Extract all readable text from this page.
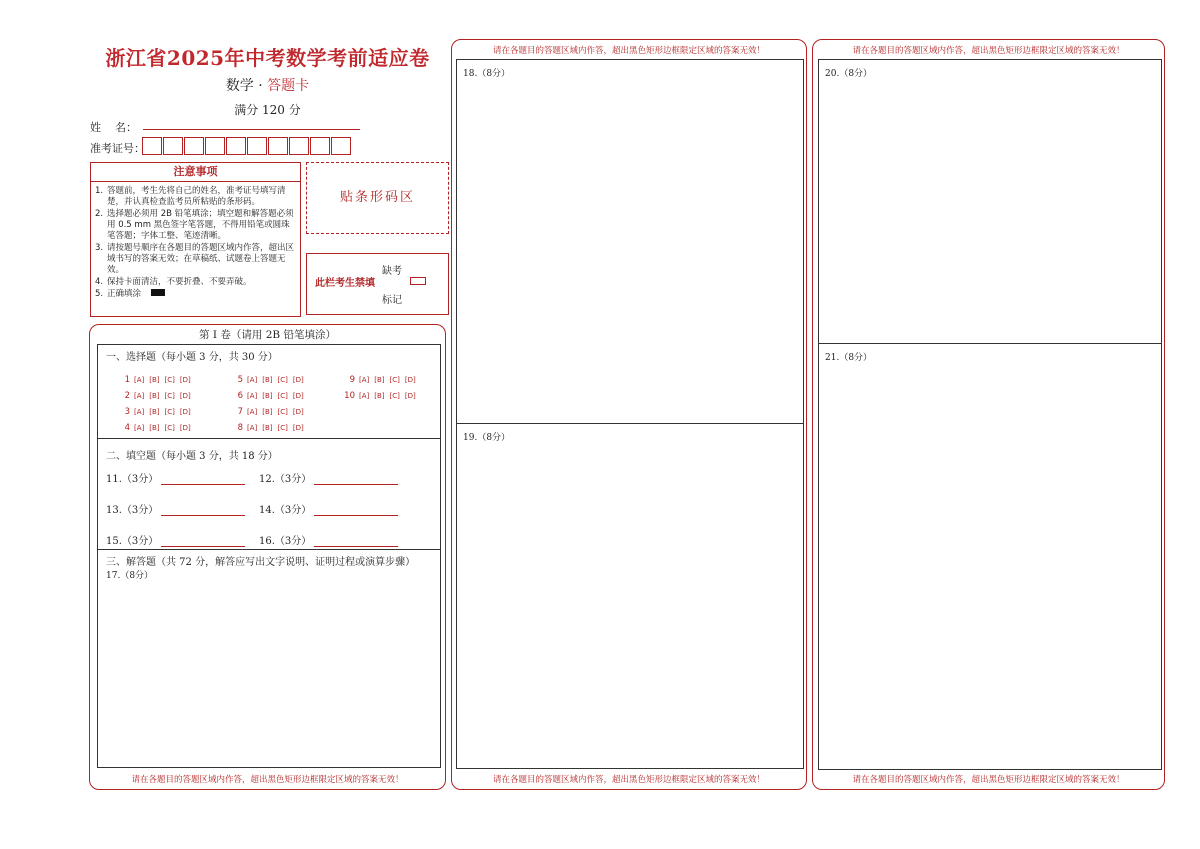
浙江省2025年中考数学考前适应卷
数学 · 答题卡
满分 120 分
姓    名：
准考证号：
注意事项
1. 答题前，考生先将自己的姓名，准考证号填写清楚，并认真检查监考员所粘贴的条形码。
2. 选择题必须用 2B 铅笔填涂；填空题和解答题必须用 0.5 mm 黑色签字笔答题，不得用铅笔或圆珠笔答题；字体工整、笔迹清晰。
3. 请按题号顺序在各题目的答题区域内作答，超出区域书写的答案无效；在草稿纸、试题卷上答题无效。
4. 保持卡面清洁，不要折叠、不要弄破。
5. 正确填涂
贴条形码区
此栏考生禁填
缺考
标记
第 I 卷（请用 2B 铅笔填涂）
一、选择题（每小题 3 分，共 30 分）
1 [A] [B] [C] [D]
2 [A] [B] [C] [D]
3 [A] [B] [C] [D]
4 [A] [B] [C] [D]
5 [A] [B] [C] [D]
6 [A] [B] [C] [D]
7 [A] [B] [C] [D]
8 [A] [B] [C] [D]
9 [A] [B] [C] [D]
10 [A] [B] [C] [D]
二、填空题（每小题 3 分，共 18 分）
11.（3分）	12.（3分）
13.（3分）	14.（3分）
15.（3分）	16.（3分）
三、解答题（共 72 分，解答应写出文字说明、证明过程或演算步骤）
17.（8分）
请在各题目的答题区域内作答，超出黑色矩形边框限定区域的答案无效！
请在各题目的答题区域内作答，超出黑色矩形边框限定区域的答案无效！
18.（8分）
19.（8分）
请在各题目的答题区域内作答，超出黑色矩形边框限定区域的答案无效！
请在各题目的答题区域内作答，超出黑色矩形边框限定区域的答案无效！
20.（8分）
21.（8分）
请在各题目的答题区域内作答，超出黑色矩形边框限定区域的答案无效！
